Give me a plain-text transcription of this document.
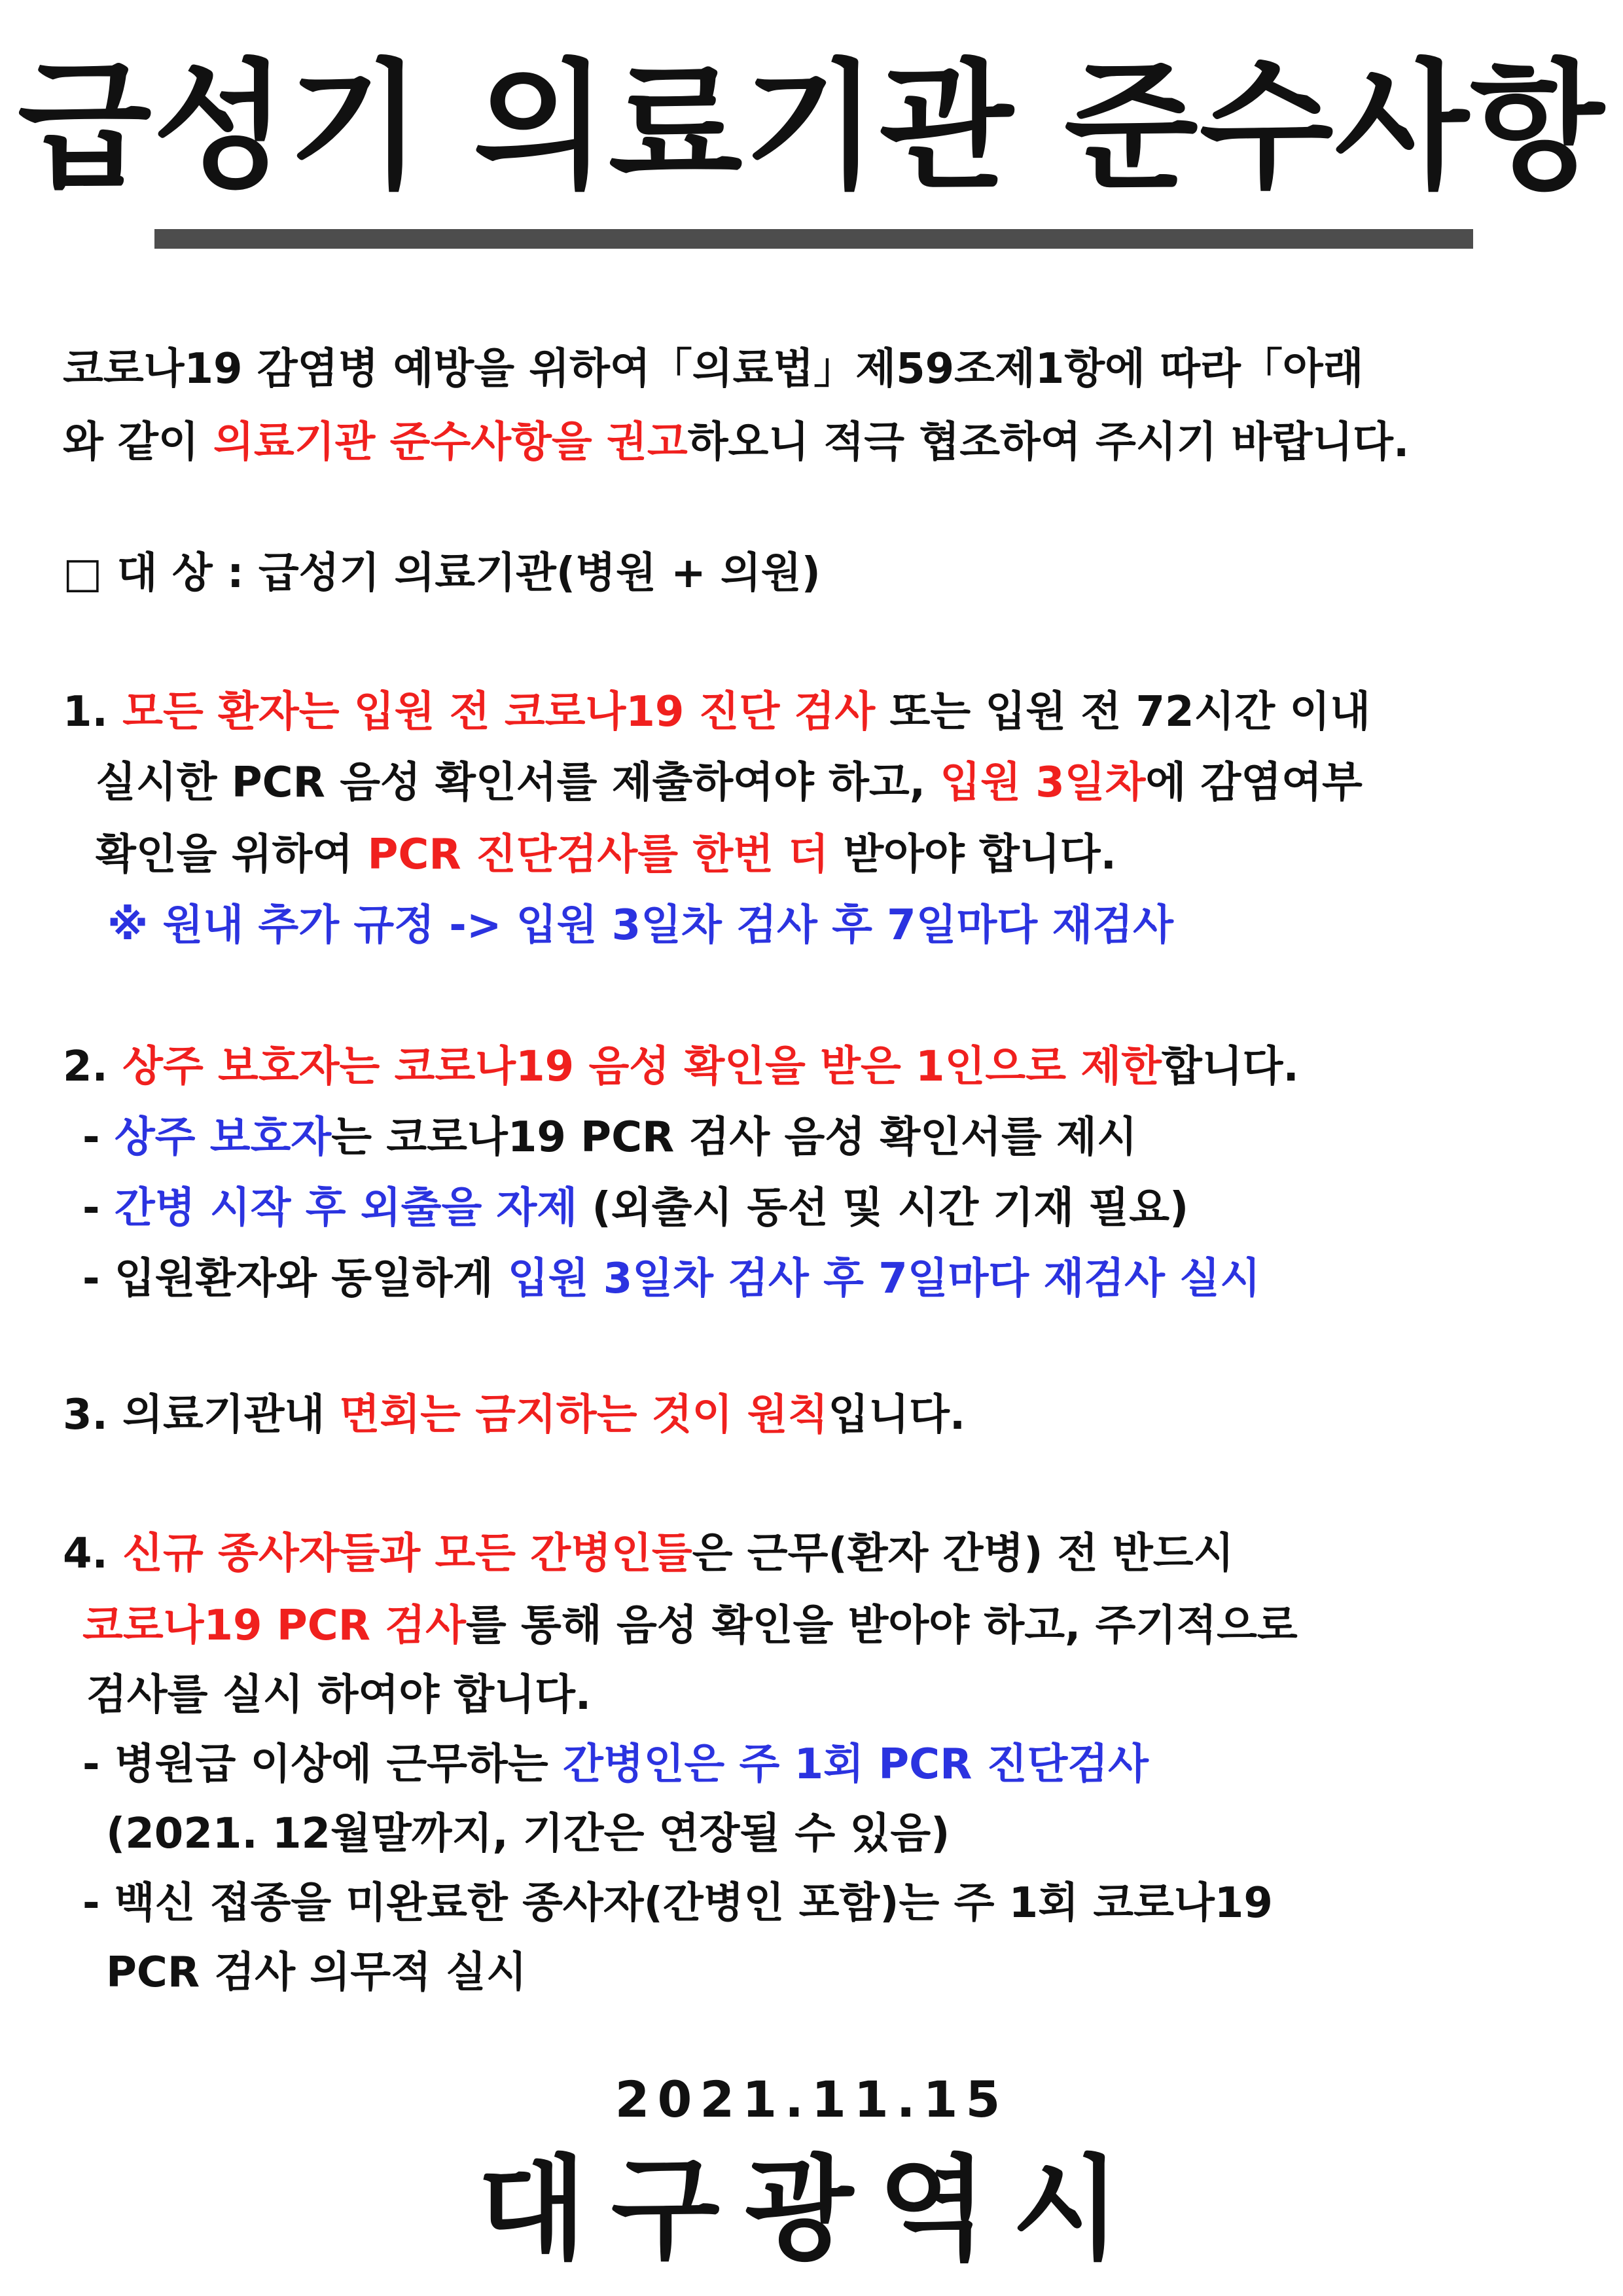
급성기 의료기관 준수사항
코로나19 감염병 예방을 위하여「의료법」제59조제1항에 따라「아래
와 같이 의료기관 준수사항을 권고하오니 적극 협조하여 주시기 바랍니다.
□ 대 상 : 급성기 의료기관(병원 + 의원)
1. 모든 환자는 입원 전 코로나19 진단 검사 또는 입원 전 72시간 이내
실시한 PCR 음성 확인서를 제출하여야 하고, 입원 3일차에 감염여부
확인을 위하여 PCR 진단검사를 한번 더 받아야 합니다.
※ 원내 추가 규정 -> 입원 3일차 검사 후 7일마다 재검사
2. 상주 보호자는 코로나19 음성 확인을 받은 1인으로 제한합니다.
- 상주 보호자는 코로나19 PCR 검사 음성 확인서를 제시
- 간병 시작 후 외출을 자제 (외출시 동선 및 시간 기재 필요)
- 입원환자와 동일하게 입원 3일차 검사 후 7일마다 재검사 실시
3. 의료기관내 면회는 금지하는 것이 원칙입니다.
4. 신규 종사자들과 모든 간병인들은 근무(환자 간병) 전 반드시
코로나19 PCR 검사를 통해 음성 확인을 받아야 하고, 주기적으로
검사를 실시 하여야 합니다.
- 병원급 이상에 근무하는 간병인은 주 1회 PCR 진단검사
(2021. 12월말까지, 기간은 연장될 수 있음)
- 백신 접종을 미완료한 종사자(간병인 포함)는 주 1회 코로나19
PCR 검사 의무적 실시
2021.11.15
대구광역시
